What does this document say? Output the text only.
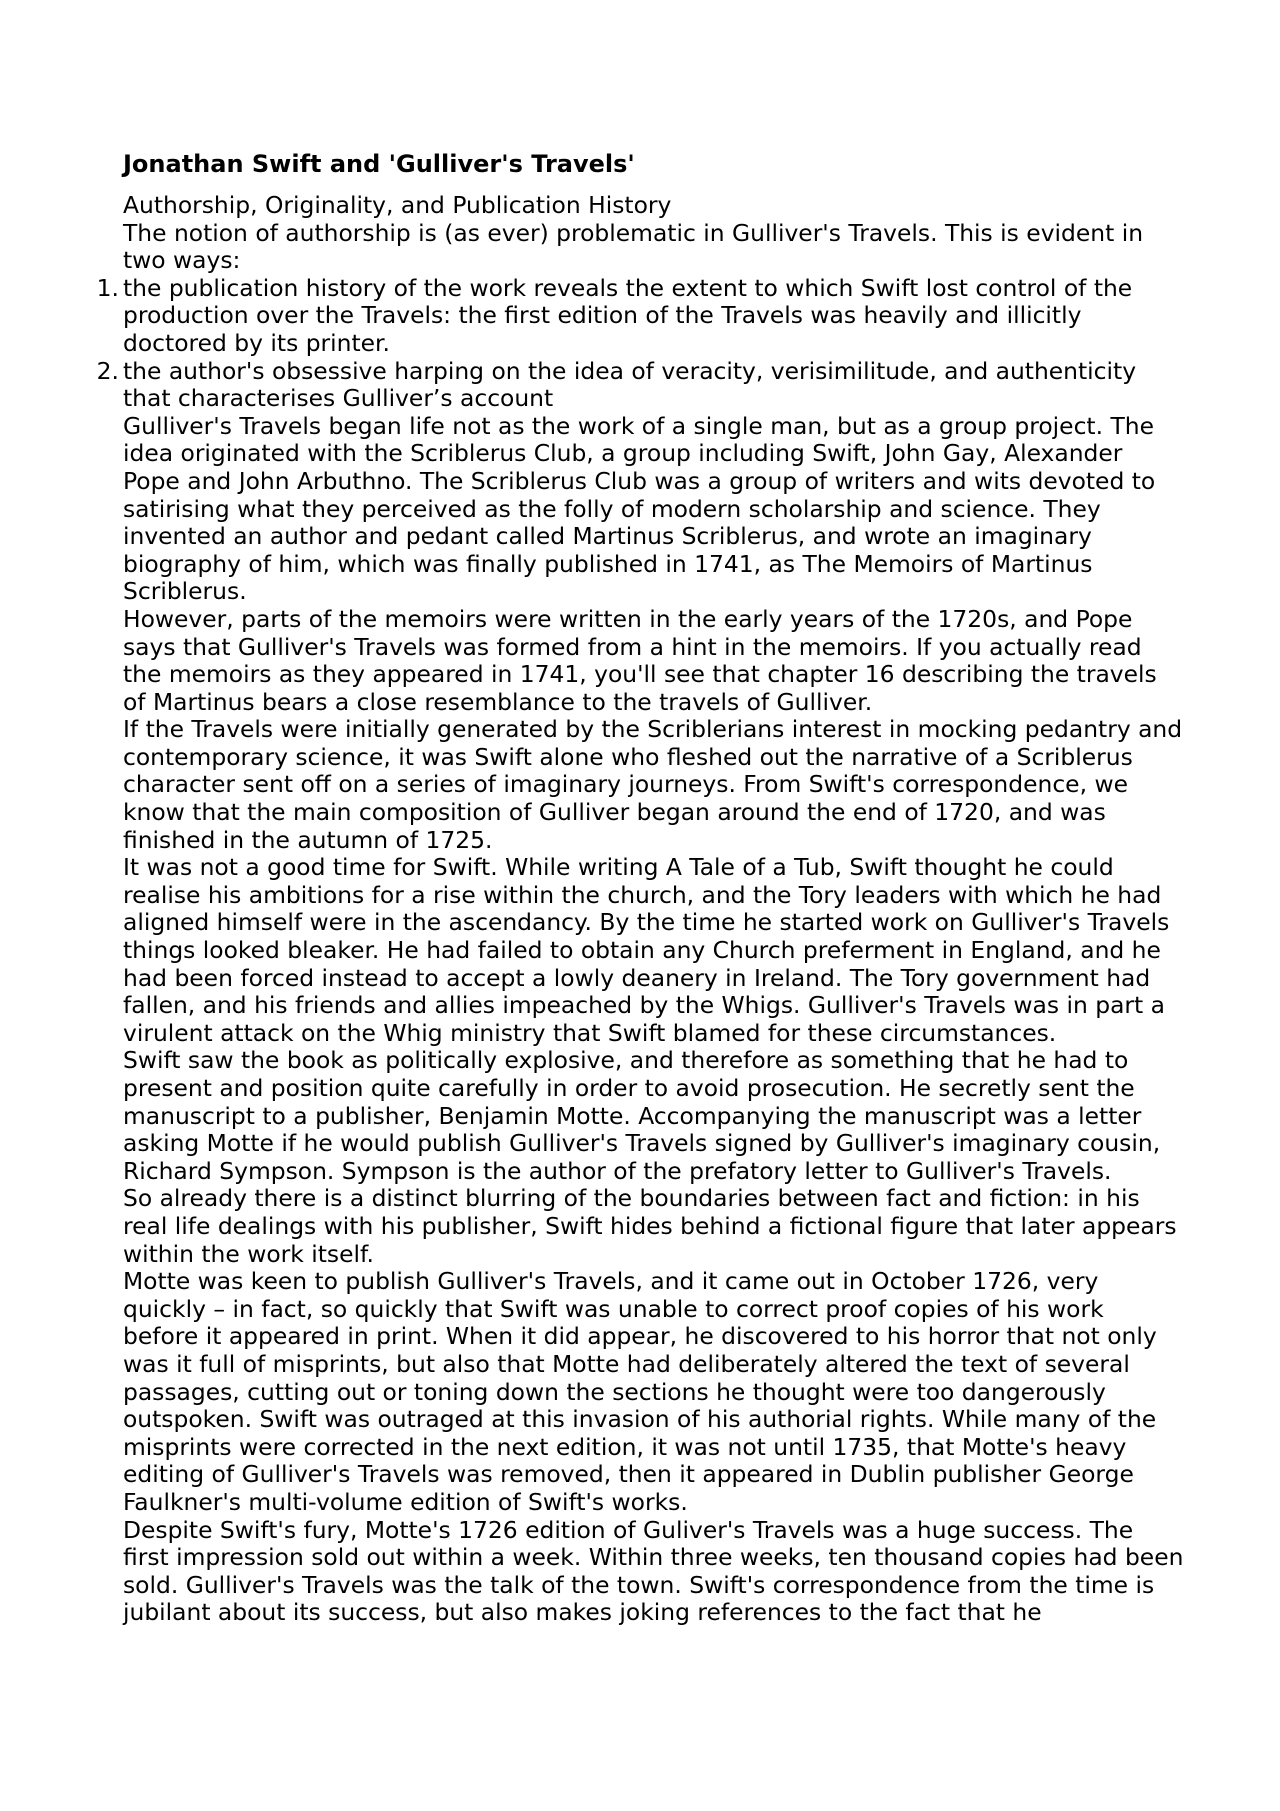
Jonathan Swift and 'Gulliver's Travels'

Authorship, Originality, and Publication History

The notion of authorship is (as ever) problematic in Gulliver's Travels. This is evident in two ways:

1. the publication history of the work reveals the extent to which Swift lost control of the production over the Travels: the first edition of the Travels was heavily and illicitly doctored by its printer.
2. the author's obsessive harping on the idea of veracity, verisimilitude, and authenticity that characterises Gulliver’s account

Gulliver's Travels began life not as the work of a single man, but as a group project. The idea originated with the Scriblerus Club, a group including Swift, John Gay, Alexander Pope and John Arbuthno. The Scriblerus Club was a group of writers and wits devoted to satirising what they perceived as the folly of modern scholarship and science. They invented an author and pedant called Martinus Scriblerus, and wrote an imaginary biography of him, which was finally published in 1741, as The Memoirs of Martinus Scriblerus.

However, parts of the memoirs were written in the early years of the 1720s, and Pope says that Gulliver's Travels was formed from a hint in the memoirs. If you actually read the memoirs as they appeared in 1741, you'll see that chapter 16 describing the travels of Martinus bears a close resemblance to the travels of Gulliver.

If the Travels were initially generated by the Scriblerians interest in mocking pedantry and contemporary science, it was Swift alone who fleshed out the narrative of a Scriblerus character sent off on a series of imaginary journeys. From Swift's correspondence, we know that the main composition of Gulliver began around the end of 1720, and was finished in the autumn of 1725.

It was not a good time for Swift. While writing A Tale of a Tub, Swift thought he could realise his ambitions for a rise within the church, and the Tory leaders with which he had aligned himself were in the ascendancy. By the time he started work on Gulliver's Travels things looked bleaker. He had failed to obtain any Church preferment in England, and he had been forced instead to accept a lowly deanery in Ireland. The Tory government had fallen, and his friends and allies impeached by the Whigs. Gulliver's Travels was in part a virulent attack on the Whig ministry that Swift blamed for these circumstances.

Swift saw the book as politically explosive, and therefore as something that he had to present and position quite carefully in order to avoid prosecution. He secretly sent the manuscript to a publisher, Benjamin Motte. Accompanying the manuscript was a letter asking Motte if he would publish Gulliver's Travels signed by Gulliver's imaginary cousin, Richard Sympson. Sympson is the author of the prefatory letter to Gulliver's Travels.

So already there is a distinct blurring of the boundaries between fact and fiction: in his real life dealings with his publisher, Swift hides behind a fictional figure that later appears within the work itself.

Motte was keen to publish Gulliver's Travels, and it came out in October 1726, very quickly – in fact, so quickly that Swift was unable to correct proof copies of his work before it appeared in print. When it did appear, he discovered to his horror that not only was it full of misprints, but also that Motte had deliberately altered the text of several passages, cutting out or toning down the sections he thought were too dangerously outspoken. Swift was outraged at this invasion of his authorial rights. While many of the misprints were corrected in the next edition, it was not until 1735, that Motte's heavy editing of Gulliver's Travels was removed, then it appeared in Dublin publisher George Faulkner's multi-volume edition of Swift's works.

Despite Swift's fury, Motte's 1726 edition of Guliver's Travels was a huge success. The first impression sold out within a week. Within three weeks, ten thousand copies had been sold. Gulliver's Travels was the talk of the town. Swift's correspondence from the time is jubilant about its success, but also makes joking references to the fact that he
